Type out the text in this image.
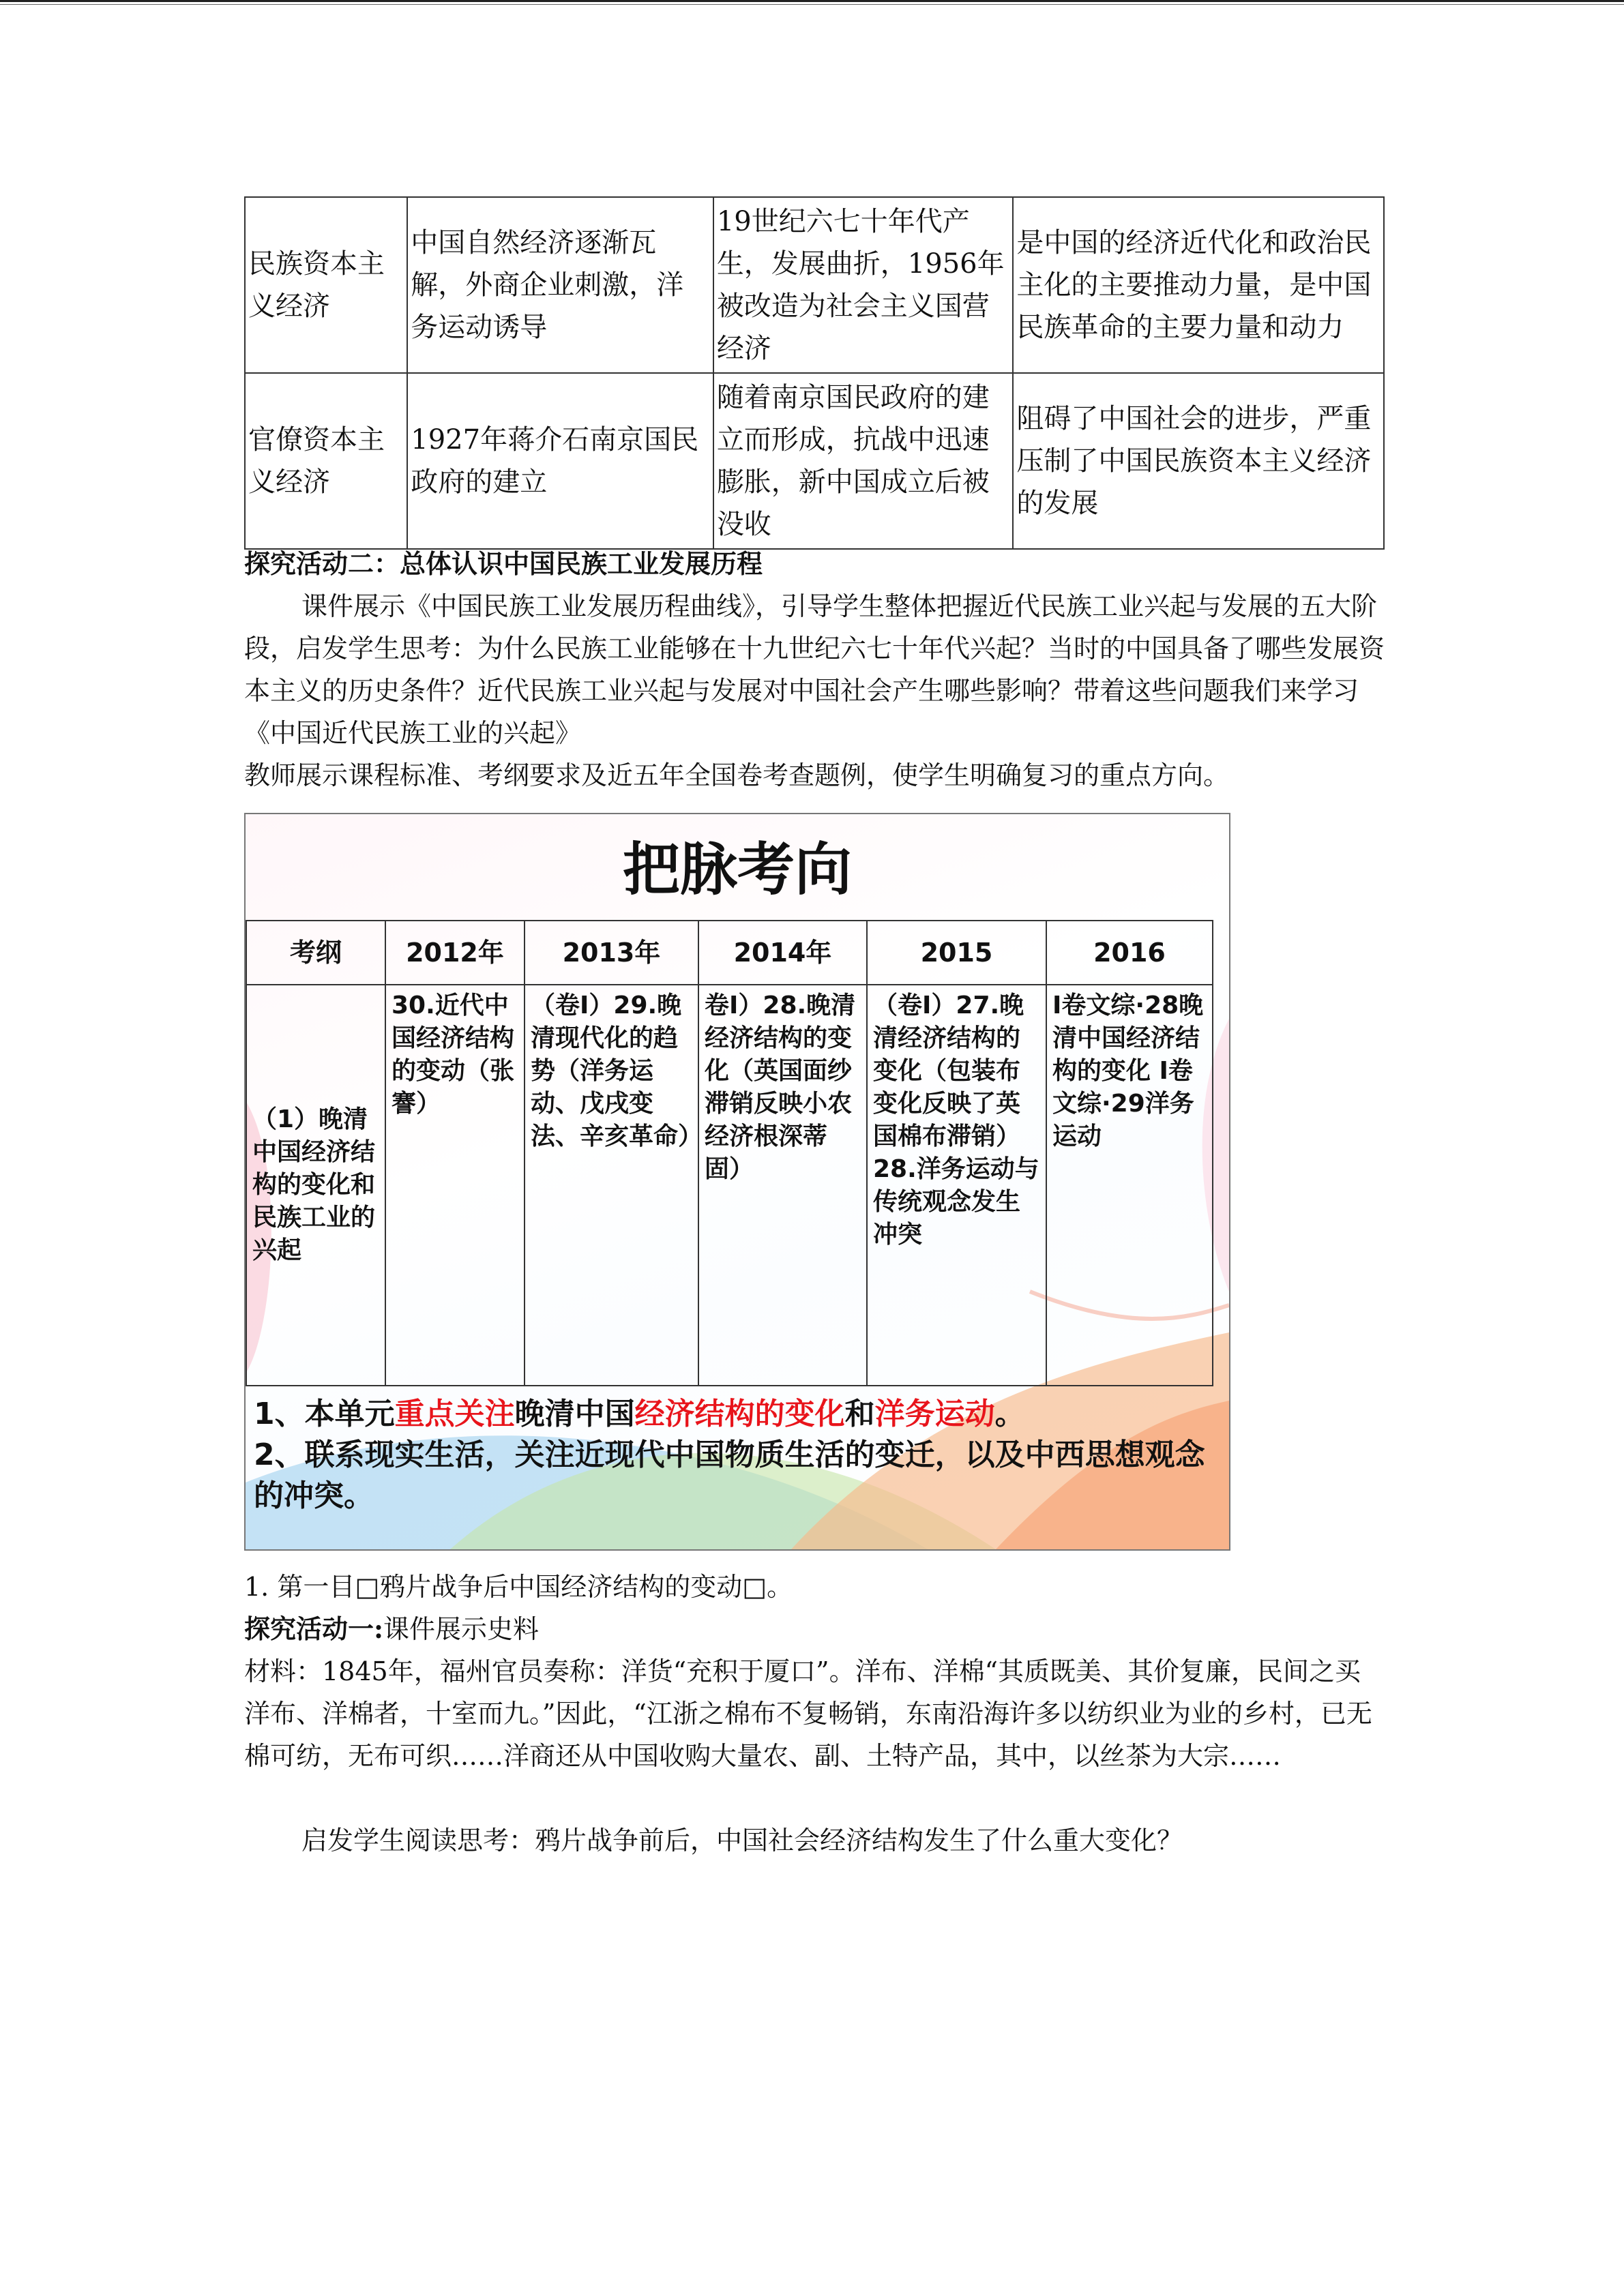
民族资本主义经济	中国自然经济逐渐瓦解，外商企业刺激，洋务运动诱导	19世纪六七十年代产生，发展曲折，1956年被改造为社会主义国营经济	是中国的经济近代化和政治民主化的主要推动力量，是中国民族革命的主要力量和动力
官僚资本主义经济	1927年蒋介石南京国民政府的建立	随着南京国民政府的建立而形成，抗战中迅速膨胀，新中国成立后被没收	阻碍了中国社会的进步，严重压制了中国民族资本主义经济的发展
探究活动二：总体认识中国民族工业发展历程
课件展示《中国民族工业发展历程曲线》，引导学生整体把握近代民族工业兴起与发展的五大阶段，启发学生思考：为什么民族工业能够在十九世纪六七十年代兴起？当时的中国具备了哪些发展资本主义的历史条件？近代民族工业兴起与发展对中国社会产生哪些影响？带着这些问题我们来学习《中国近代民族工业的兴起》
教师展示课程标准、考纲要求及近五年全国卷考查题例，使学生明确复习的重点方向。
把脉考向
考纲	2012年	2013年	2014年	2015	2016
（1）晚清中国经济结构的变化和民族工业的兴起	30.近代中国经济结构的变动（张謇）	（卷Ⅰ）29.晚清现代化的趋势（洋务运动、戊戌变法、辛亥革命）	卷Ⅰ）28.晚清经济结构的变化（英国面纱滞销反映小农经济根深蒂固）	（卷Ⅰ）27.晚清经济结构的变化（包装布变化反映了英国棉布滞销）28.洋务运动与传统观念发生冲突	Ⅰ卷文综·28晚清中国经济结构的变化 Ⅰ卷文综·29洋务运动
1、本单元重点关注晚清中国经济结构的变化和洋务运动。
2、联系现实生活，关注近现代中国物质生活的变迁，以及中西思想观念的冲突。
1. 第一目□鸦片战争后中国经济结构的变动□。
探究活动一:课件展示史料
材料：1845年，福州官员奏称：洋货“充积于厦口”。洋布、洋棉“其质既美、其价复廉，民间之买洋布、洋棉者，十室而九。”因此，“江浙之棉布不复畅销，东南沿海许多以纺织业为业的乡村，已无棉可纺，无布可织……洋商还从中国收购大量农、副、土特产品，其中，以丝茶为大宗……
启发学生阅读思考：鸦片战争前后，中国社会经济结构发生了什么重大变化？
